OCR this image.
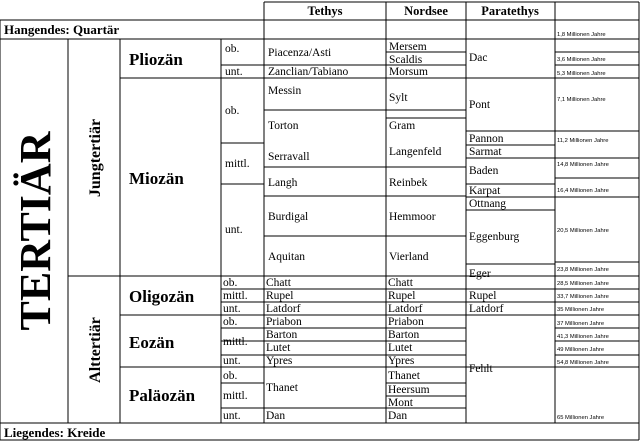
Tethys	Nordsee	Paratethys
Hangendes: Quartär
Liegendes: Kreide
TERTIÄR Jungtertiär
Alttertiär
Pliozän
Miozän
Oligozän
Eozän
Paläozän
ob.
unt.
ob.
mittl.
unt.
ob.
mittl.
unt.
ob.
mittl.
unt.
ob.
mittl.
unt.
Piacenza/Asti
Zanclian/Tabiano
Messin
Torton
Serravall
Langh
Burdigal
Aquitan
Chatt
Rupel
Latdorf
Priabon
Barton
Lutet
Ypres
Thanet
Dan
Mersem
Scaldis
Morsum
Sylt
Gram
Langenfeld
Reinbek
Hemmoor
Vierland
Chatt
Rupel
Latdorf
Priabon
Barton
Lutet
Ypres
Thanet
Heersum
Mont
Dan
Dac
Pont
Pannon
Sarmat
Baden
Karpat
Ottnang
Eggenburg
Eger
Rupel
Latdorf
Fehlt
1,8 Millionen Jahre
3,6 Millionen Jahre
5,3 Millionen Jahre
7,1 Millionen Jahre
11,2 Millionen Jahre
14,8 Millionen Jahre
16,4 Millionen Jahre
20,5 Millionen Jahre
23,8 Millionen Jahre
28,5 Millionen Jahre
33,7 Millionen Jahre
35 Millionen Jahre
37 Millionen Jahre
41,3 Millionen Jahre
49 Millionen Jahre
54,8 Millionen Jahre
65 Millionen Jahre
